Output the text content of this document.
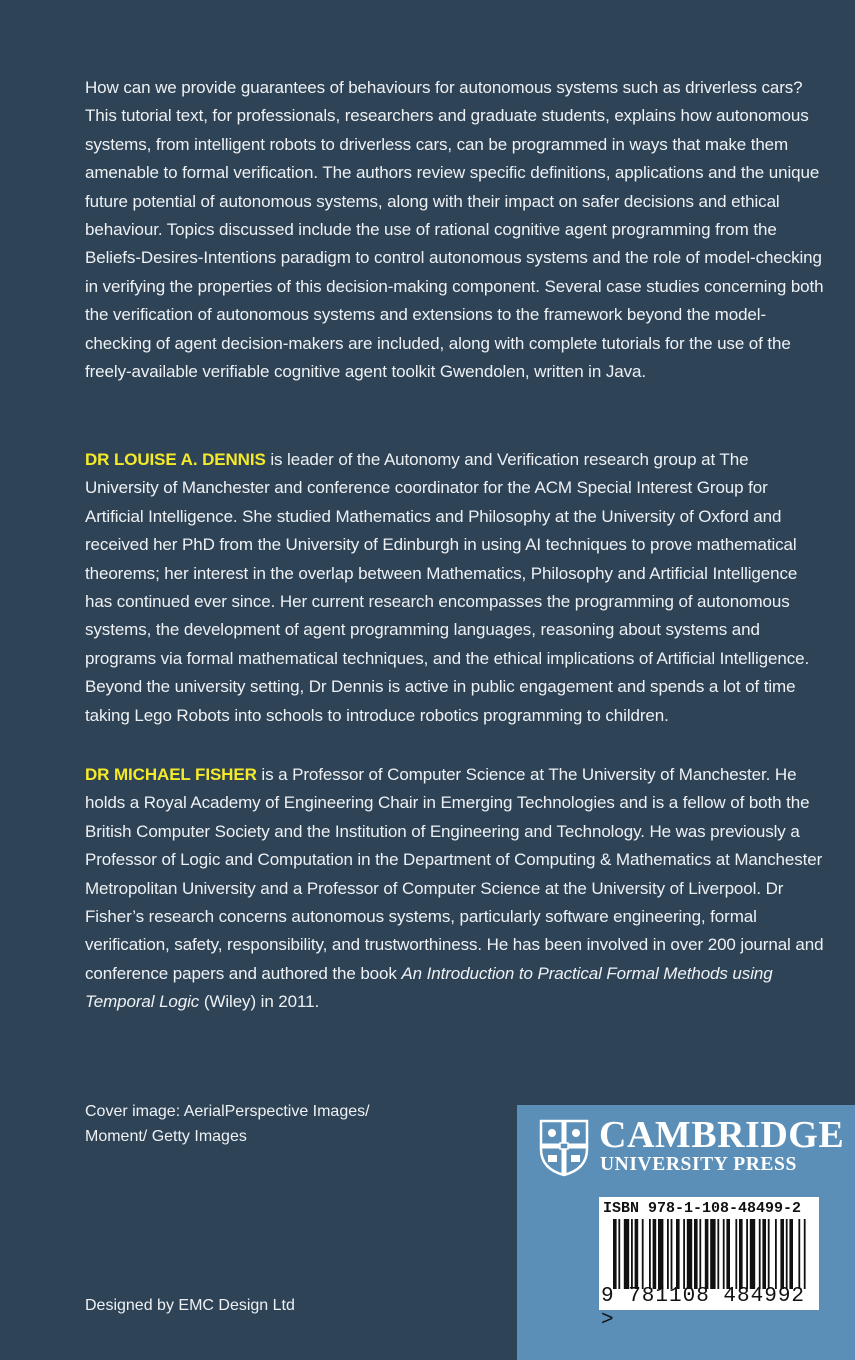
How can we provide guarantees of behaviours for autonomous systems such as driverless cars? This tutorial text, for professionals, researchers and graduate students, explains how autonomous systems, from intelligent robots to driverless cars, can be programmed in ways that make them amenable to formal verification. The authors review specific definitions, applications and the unique future potential of autonomous systems, along with their impact on safer decisions and ethical behaviour. Topics discussed include the use of rational cognitive agent programming from the Beliefs-Desires-Intentions paradigm to control autonomous systems and the role of model-checking in verifying the properties of this decision-making component. Several case studies concerning both the verification of autonomous systems and extensions to the framework beyond the model-checking of agent decision-makers are included, along with complete tutorials for the use of the freely-available verifiable cognitive agent toolkit Gwendolen, written in Java.

DR LOUISE A. DENNIS is leader of the Autonomy and Verification research group at The University of Manchester and conference coordinator for the ACM Special Interest Group for Artificial Intelligence. She studied Mathematics and Philosophy at the University of Oxford and received her PhD from the University of Edinburgh in using AI techniques to prove mathematical theorems; her interest in the overlap between Mathematics, Philosophy and Artificial Intelligence has continued ever since. Her current research encompasses the programming of autonomous systems, the development of agent programming languages, reasoning about systems and programs via formal mathematical techniques, and the ethical implications of Artificial Intelligence. Beyond the university setting, Dr Dennis is active in public engagement and spends a lot of time taking Lego Robots into schools to introduce robotics programming to children.

DR MICHAEL FISHER is a Professor of Computer Science at The University of Manchester. He holds a Royal Academy of Engineering Chair in Emerging Technologies and is a fellow of both the British Computer Society and the Institution of Engineering and Technology. He was previously a Professor of Logic and Computation in the Department of Computing & Mathematics at Manchester Metropolitan University and a Professor of Computer Science at the University of Liverpool. Dr Fisher’s research concerns autonomous systems, particularly software engineering, formal verification, safety, responsibility, and trustworthiness. He has been involved in over 200 journal and conference papers and authored the book An Introduction to Practical Formal Methods using Temporal Logic (Wiley) in 2011.

Cover image: AerialPerspective Images/ Moment/ Getty Images

Designed by EMC Design Ltd

CAMBRIDGE
UNIVERSITY PRESS
ISBN 978-1-108-48499-2
9 781108 484992 >
